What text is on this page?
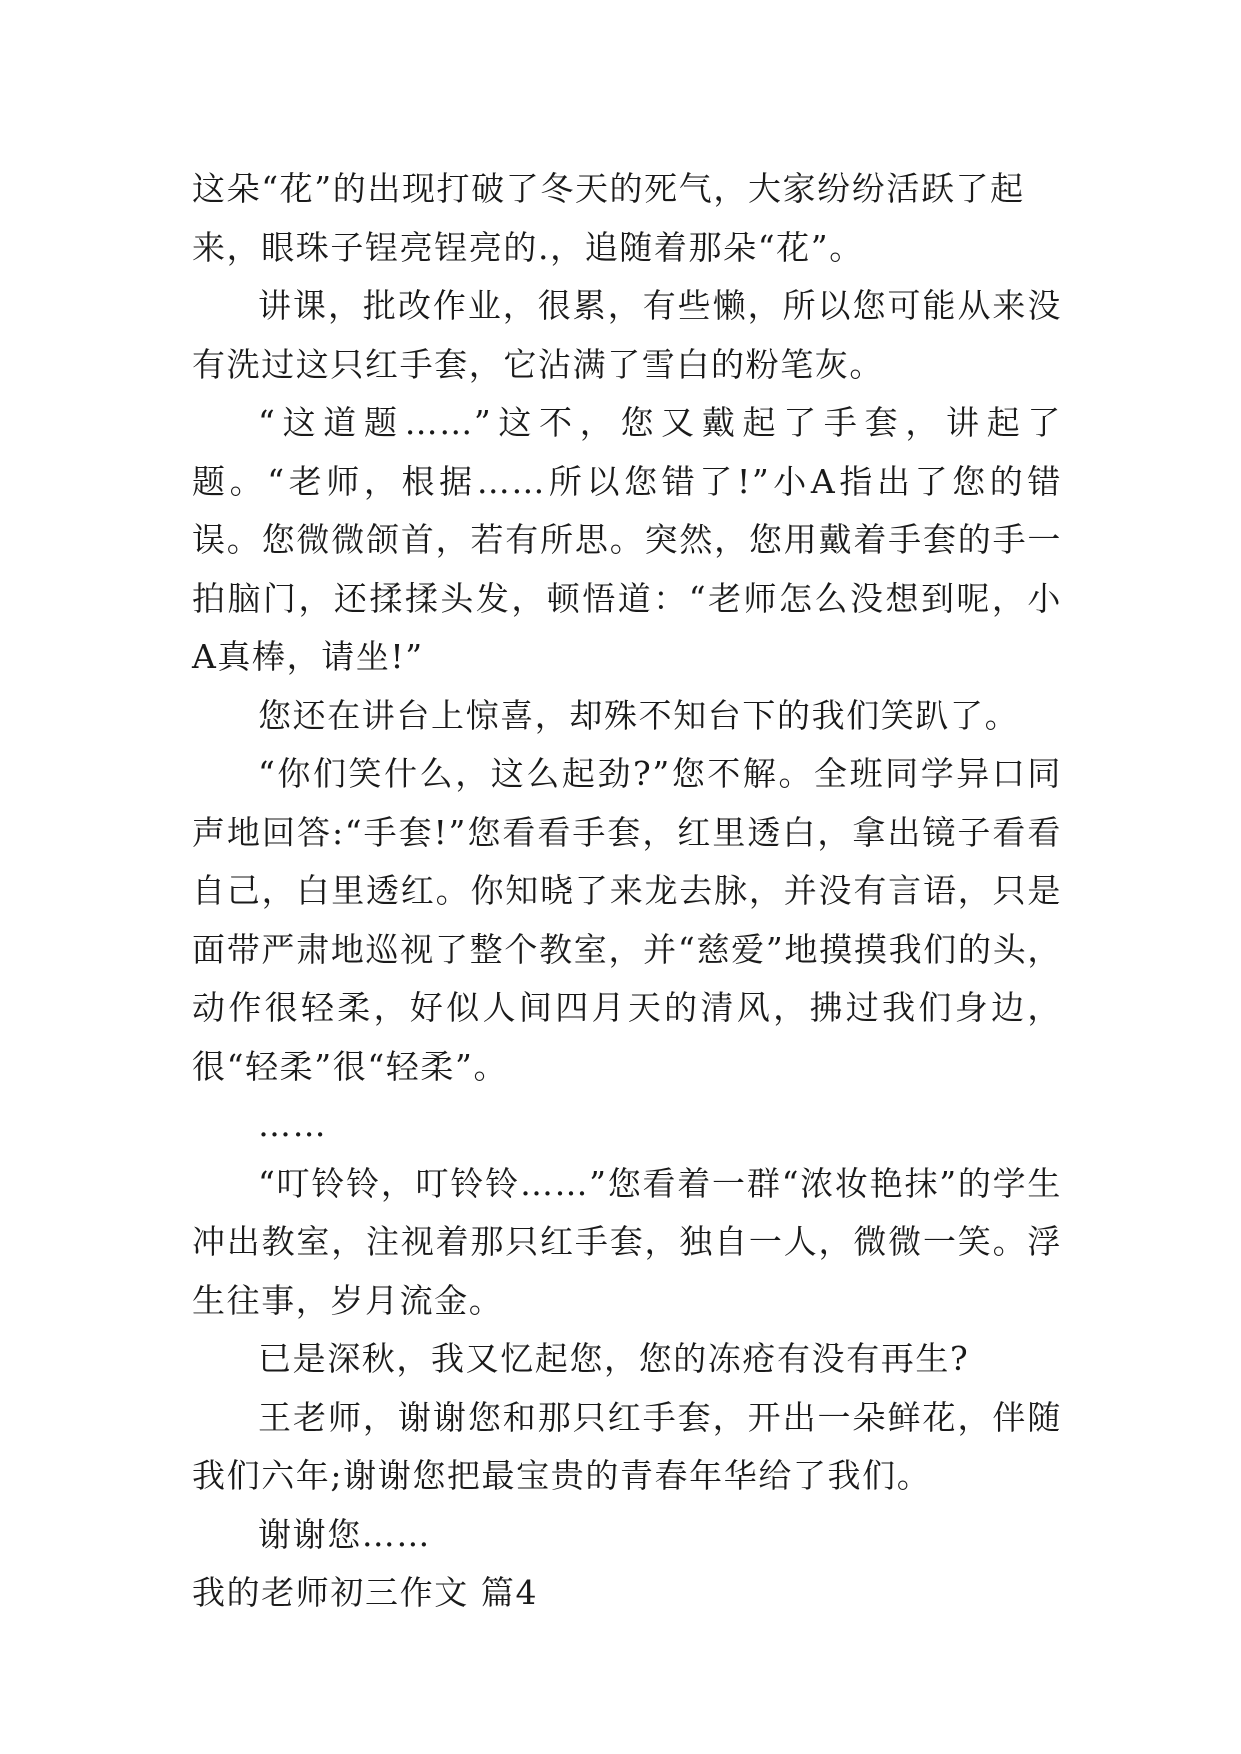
这朵“花”的出现打破了冬天的死气，大家纷纷活跃了起来，眼珠子锃亮锃亮的.，追随着那朵“花”。

讲课，批改作业，很累，有些懒，所以您可能从来没有洗过这只红手套，它沾满了雪白的粉笔灰。

“这道题……”这不，您又戴起了手套，讲起了题。“老师，根据……所以您错了!”小A指出了您的错误。您微微颌首，若有所思。突然，您用戴着手套的手一拍脑门，还揉揉头发，顿悟道：“老师怎么没想到呢，小A真棒，请坐!”

您还在讲台上惊喜，却殊不知台下的我们笑趴了。

“你们笑什么，这么起劲?”您不解。全班同学异口同声地回答:“手套!”您看看手套，红里透白，拿出镜子看看自己，白里透红。你知晓了来龙去脉，并没有言语，只是面带严肃地巡视了整个教室，并“慈爱”地摸摸我们的头，动作很轻柔，好似人间四月天的清风，拂过我们身边，很“轻柔”很“轻柔”。

……

“叮铃铃，叮铃铃……”您看着一群“浓妆艳抹”的学生冲出教室，注视着那只红手套，独自一人，微微一笑。浮生往事，岁月流金。

已是深秋，我又忆起您，您的冻疮有没有再生?

王老师，谢谢您和那只红手套，开出一朵鲜花，伴随我们六年;谢谢您把最宝贵的青春年华给了我们。

谢谢您……

我的老师初三作文 篇4
